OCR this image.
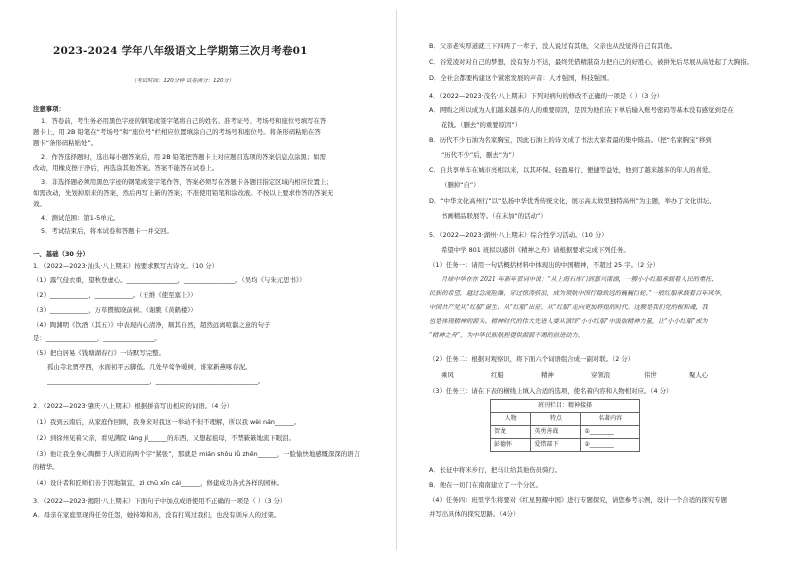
2023-2024 学年八年级语文上学期第三次月考卷01
（考试时间：120分钟 试卷满分：120分）
注意事项：
1．答卷前，考生务必用黑色字迹的钢笔或签字笔将自己的姓名、准考证号、考场号和座位号填写在答
题卡上，用 2B 铅笔在“考场号”和“座位号”栏相应位置填涂自己的考场号和座位号。将条形码粘贴在答
题卡“条形码粘贴处”。
2．作答选择题时，选出每小题答案后，用 2B 铅笔把答题卡上对应题目选项的答案信息点涂黑；如需
改动，用橡皮擦干净后，再选涂其他答案。答案不能答在试卷上。
3．非选择题必须用黑色字迹的钢笔或签字笔作答，答案必须写在答题卡各题目指定区域内相应位置上；
如需改动，先划掉原来的答案，然后再写上新的答案；不准使用铅笔和涂改液。不按以上要求作答的答案无
效。
4．测试范围：第1-5单元。
5．考试结束后，将本试卷和答题卡一并交回。
一、基础（30 分）
1．（2022—2023·汕头·八上期末）按要求默写古诗文。（10 分）
（1）露气侵衣重，望秋登虚心。________________，________________。（吴均《与朱元思书》）
（2）____________，____________。（王维《使至塞上》）
（3）____________，万草攒簇晓前树。（谢朓《黄鹤楼》）
（4）陶渊明《饮酒（其五）》中表现内心清净，顺其自然，超然远离喧嚣之意的句子
是：________________，________________。
（5）把白居易《钱塘湖春行》一诗默写完整。
孤山寺北贾亭西，水面初平云脚低。几处早莺争暖树，谁家新燕啄春泥。
________________________________，________________________________。
2．（2022—2023·肇庆·八上期末）根据拼音写出相应的词语。（4 分）
（1）我到云南后，从家庭作回顾，我身来对我这一举动不但不理解，所以我 wèi nán______。
（2）到徐州见着父亲，看见满院 láng jí______的东西，又想起祖母，不禁簌簌地流下眼泪。
（3）他让我全身心陶醉于人所追的两个字“紧张”，那就是 mián shǒu lǚ zhěn______，一脸愉快地感慨深深的语言
的精华。
（4）设计者和匠师们善于因地制宜，zì chū xīn cái______，修建成功各式各样的园林。
3．（2022—2023·揭阳·八上期末）下面句子中加点成语使用不正确的一项是（ ）（3 分）
A．母亲在家庭里现得任劳任怨，她持筹和善，没有打骂过我们，也没有训斥人的过架。
B．父亲老实厚道就三下四两了一辈子，没人说过有其他，父亲也从没觉得自己有其他。
C．谷爱凌对对自己的梦想，没有努力不达，最终凭借精湛奋力把自己的好胜心，被拼先后尽展从高处起了大胸指。
D．全社会都要构建这个紧密发展的声音：人才强国，科技强国。
4．（2022—2023·茂名·八上期末）下列对病句的修改不正确的一项是（ ）（3 分）
A．网购之所以成为人们越来越多的人的重要原因，是因为他们在下单后输入账号密码等基本没有感觉到是在
花钱。（删去“的重要原因”）
B．历代不少石油为名家胸宝，因此石油上的诗文成了书法大家者最的集中陈品。（把“名家胸宝”移到
“历代不少”后，删去“为”）
C．自共享单车在城市亮相以来，以其环保、轻盈易行、便捷等益处，他到了越来越多的年人的喜爱。
（删掉“自”）
D．“中华文化高州行”以“弘扬中华优秀传统文化，展示高太故里独特高州”为主题，举办了文化讲坛、
书画精品联展等。（在末加“的活动”）
5．（2022—2023·湖州·八上期末）综合性学习活动。（10 分）
希望中学 801 班拟以感讲《精神之舟》请根据要求完成下列任务。
（1）任务一：请用一句话概括材料中体现出的中国精神，不超过 25 字。（2 分）
月球中华在在 2021 年新年贺词中说：“从上海石库门到嘉兴南湖，一艘小小红船承载着人民的重托、
民族的希望，越过急流险滩，穿过惊涛骇浪，成为领航中国行稳致远的巍巍巨轮。”一般红船承载着百年风华，
中国共产党从“红船”诞生、从“红船”出征、从“红船”走向更加辉煌的时代。这艘是我们党的根和魂，我
也是体现精神的源头。精神时代的伟大先进人要从演绎“小小红船”中汲取精神力量，让“小小红船”成为
“精神之舟”，为中华民族航程提供源源不竭的前进动力。
（2）任务二：根据对观察识，将下面六个词语组合成一副对联。（2 分）
乘风	红船	精神	穿领浪	伟世	聚人心
（3）任务三：请在下表的横线上填入合适的选项，使名着内容和人物相对应。（4 分）
班刊栏目：精神接择		
人物	特点	名著内容
贺龙	英勇善战	①________
彭德怀	爱惜部下	②________
A．长征中将米步行，把马让给其他伤员骑行。
B．他在一切门在南南建立了一个分区。
（4）任务四：班里学生将要对《红星照耀中国》进行专题探究，请您参考示例，设计一个合适的探究专题
并写出具体的探究思路。（4分）
